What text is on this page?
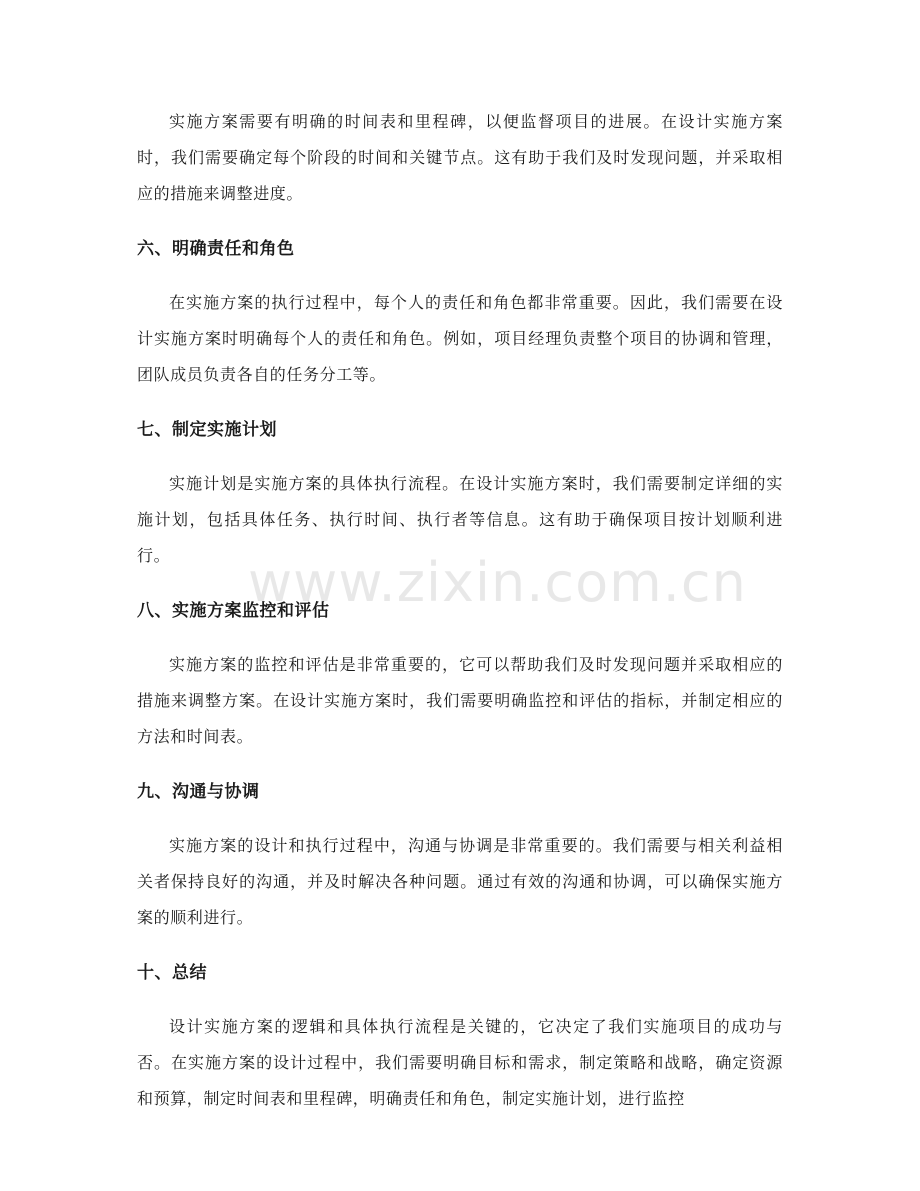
实施方案需要有明确的时间表和里程碑，以便监督项目的进展。在设计实施方案时，我们需要确定每个阶段的时间和关键节点。这有助于我们及时发现问题，并采取相应的措施来调整进度。

六、明确责任和角色

在实施方案的执行过程中，每个人的责任和角色都非常重要。因此，我们需要在设计实施方案时明确每个人的责任和角色。例如，项目经理负责整个项目的协调和管理，团队成员负责各自的任务分工等。

七、制定实施计划

实施计划是实施方案的具体执行流程。在设计实施方案时，我们需要制定详细的实施计划，包括具体任务、执行时间、执行者等信息。这有助于确保项目按计划顺利进行。

八、实施方案监控和评估

实施方案的监控和评估是非常重要的，它可以帮助我们及时发现问题并采取相应的措施来调整方案。在设计实施方案时，我们需要明确监控和评估的指标，并制定相应的方法和时间表。

九、沟通与协调

实施方案的设计和执行过程中，沟通与协调是非常重要的。我们需要与相关利益相关者保持良好的沟通，并及时解决各种问题。通过有效的沟通和协调，可以确保实施方案的顺利进行。

十、总结

设计实施方案的逻辑和具体执行流程是关键的，它决定了我们实施项目的成功与否。在实施方案的设计过程中，我们需要明确目标和需求，制定策略和战略，确定资源和预算，制定时间表和里程碑，明确责任和角色，制定实施计划，进行监控

www.zixin.com.cn
